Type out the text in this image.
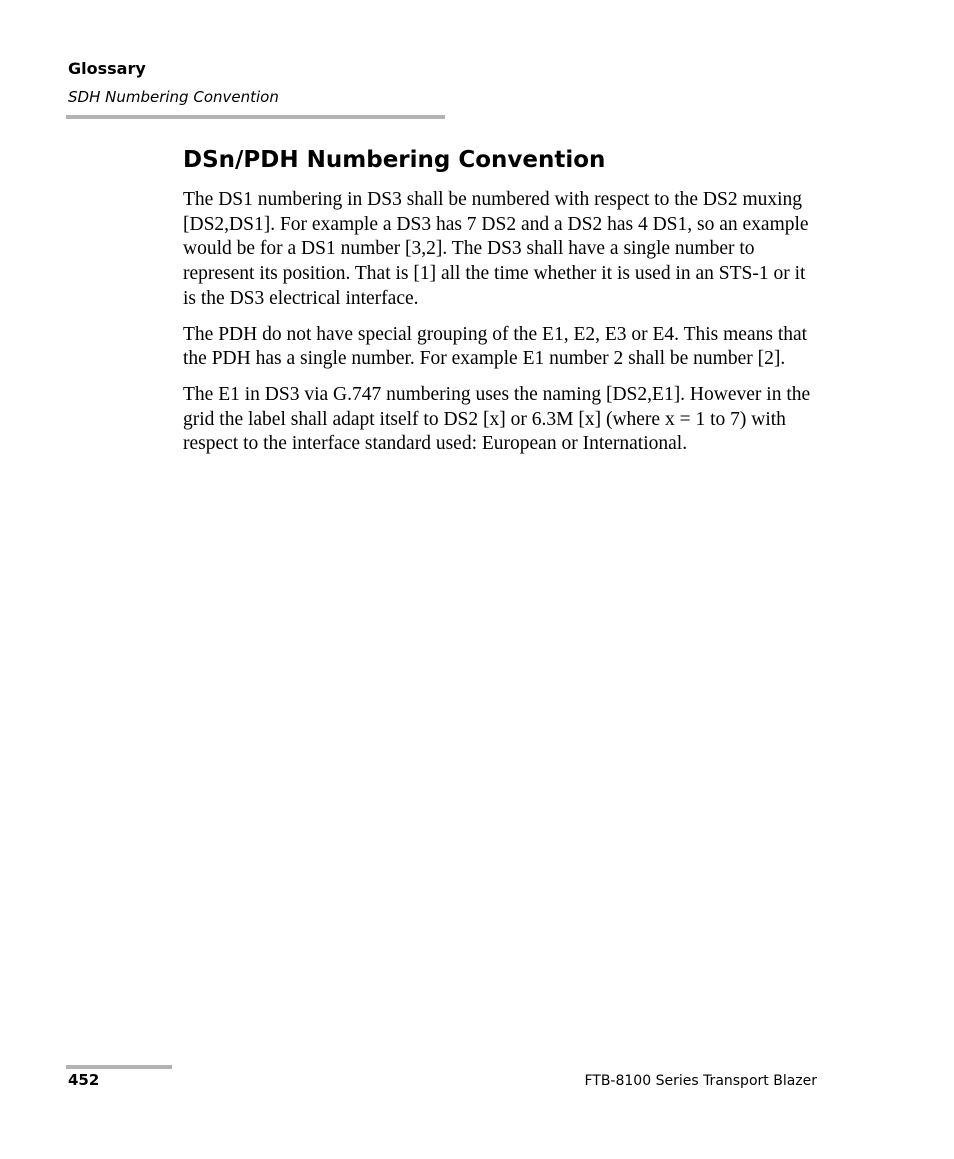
Glossary
SDH Numbering Convention
DSn/PDH Numbering Convention

The DS1 numbering in DS3 shall be numbered with respect to the DS2 muxing [DS2,DS1]. For example a DS3 has 7 DS2 and a DS2 has 4 DS1, so an example would be for a DS1 number [3,2]. The DS3 shall have a single number to represent its position. That is [1] all the time whether it is used in an STS-1 or it is the DS3 electrical interface.

The PDH do not have special grouping of the E1, E2, E3 or E4. This means that the PDH has a single number. For example E1 number 2 shall be number [2].

The E1 in DS3 via G.747 numbering uses the naming [DS2,E1]. However in the grid the label shall adapt itself to DS2 [x] or 6.3M [x] (where x = 1 to 7) with respect to the interface standard used: European or International.

452	FTB-8100 Series Transport Blazer
